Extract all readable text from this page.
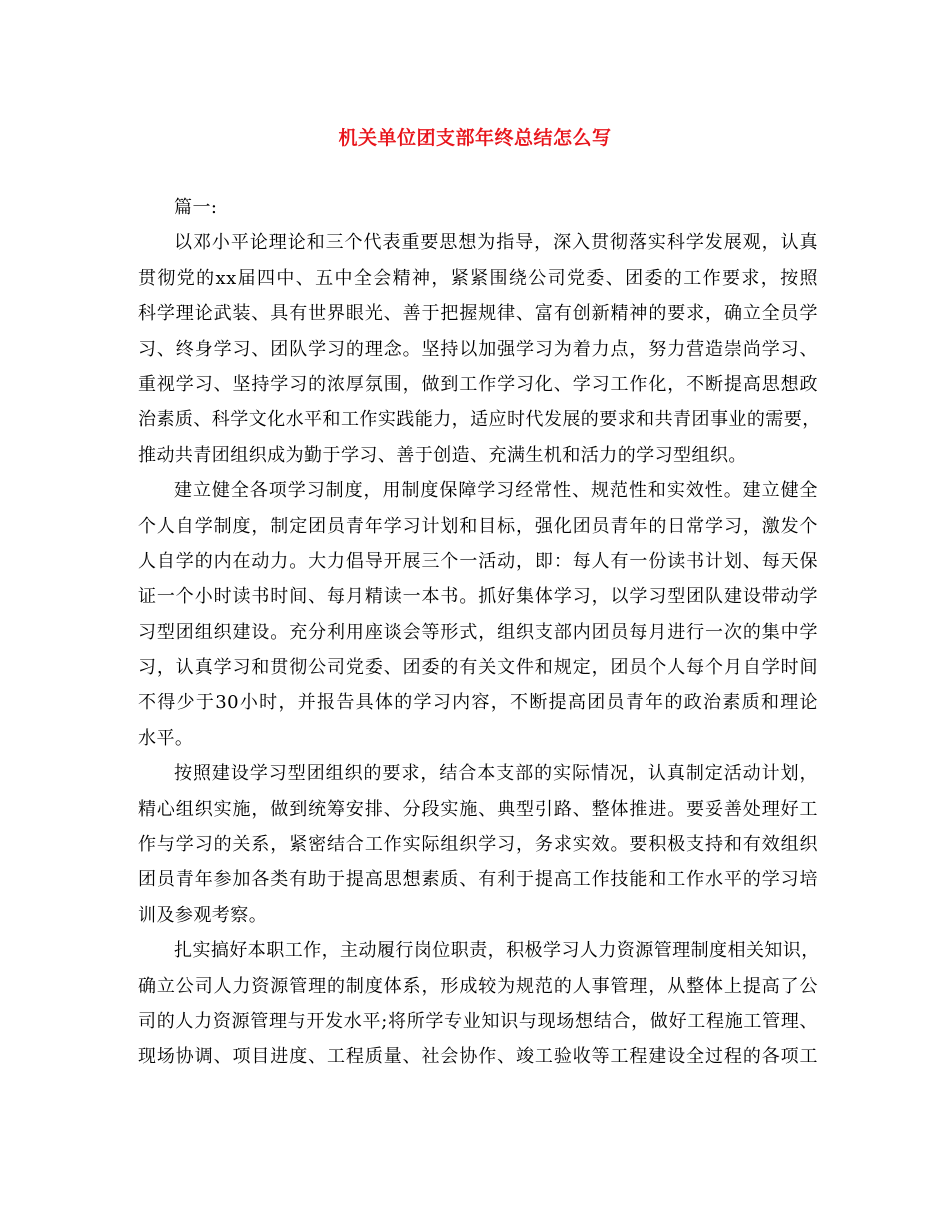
机关单位团支部年终总结怎么写
篇一:
以邓小平论理论和三个代表重要思想为指导，深入贯彻落实科学发展观，认真
贯彻党的xx届四中、五中全会精神，紧紧围绕公司党委、团委的工作要求，按照
科学理论武装、具有世界眼光、善于把握规律、富有创新精神的要求，确立全员学
习、终身学习、团队学习的理念。坚持以加强学习为着力点，努力营造崇尚学习、
重视学习、坚持学习的浓厚氛围，做到工作学习化、学习工作化，不断提高思想政
治素质、科学文化水平和工作实践能力，适应时代发展的要求和共青团事业的需要，
推动共青团组织成为勤于学习、善于创造、充满生机和活力的学习型组织。
建立健全各项学习制度，用制度保障学习经常性、规范性和实效性。建立健全
个人自学制度，制定团员青年学习计划和目标，强化团员青年的日常学习，激发个
人自学的内在动力。大力倡导开展三个一活动，即：每人有一份读书计划、每天保
证一个小时读书时间、每月精读一本书。抓好集体学习，以学习型团队建设带动学
习型团组织建设。充分利用座谈会等形式，组织支部内团员每月进行一次的集中学
习，认真学习和贯彻公司党委、团委的有关文件和规定，团员个人每个月自学时间
不得少于30小时，并报告具体的学习内容，不断提高团员青年的政治素质和理论
水平。
按照建设学习型团组织的要求，结合本支部的实际情况，认真制定活动计划，
精心组织实施，做到统筹安排、分段实施、典型引路、整体推进。要妥善处理好工
作与学习的关系，紧密结合工作实际组织学习，务求实效。要积极支持和有效组织
团员青年参加各类有助于提高思想素质、有利于提高工作技能和工作水平的学习培
训及参观考察。
扎实搞好本职工作，主动履行岗位职责，积极学习人力资源管理制度相关知识，
确立公司人力资源管理的制度体系，形成较为规范的人事管理，从整体上提高了公
司的人力资源管理与开发水平;将所学专业知识与现场想结合，做好工程施工管理、
现场协调、项目进度、工程质量、社会协作、竣工验收等工程建设全过程的各项工
